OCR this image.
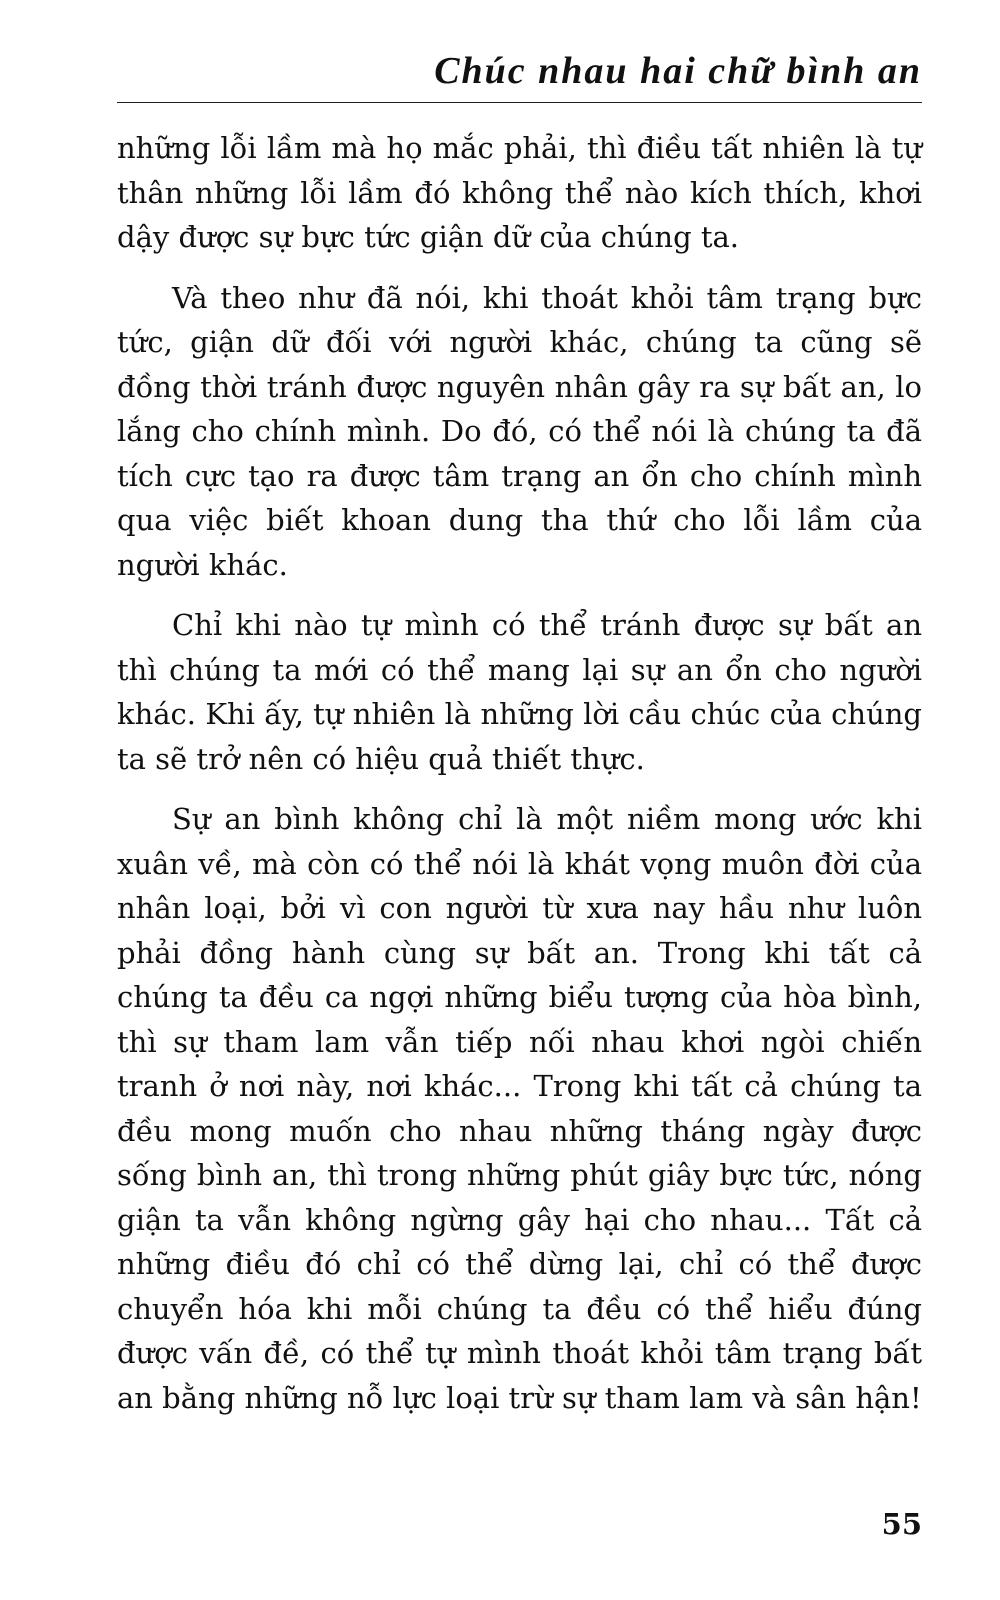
Chúc nhau hai chữ bình an

những lỗi lầm mà họ mắc phải, thì điều tất nhiên là tự thân những lỗi lầm đó không thể nào kích thích, khơi dậy được sự bực tức giận dữ của chúng ta.

Và theo như đã nói, khi thoát khỏi tâm trạng bực tức, giận dữ đối với người khác, chúng ta cũng sẽ đồng thời tránh được nguyên nhân gây ra sự bất an, lo lắng cho chính mình. Do đó, có thể nói là chúng ta đã tích cực tạo ra được tâm trạng an ổn cho chính mình qua việc biết khoan dung tha thứ cho lỗi lầm của người khác.

Chỉ khi nào tự mình có thể tránh được sự bất an thì chúng ta mới có thể mang lại sự an ổn cho người khác. Khi ấy, tự nhiên là những lời cầu chúc của chúng ta sẽ trở nên có hiệu quả thiết thực.

Sự an bình không chỉ là một niềm mong ước khi xuân về, mà còn có thể nói là khát vọng muôn đời của nhân loại, bởi vì con người từ xưa nay hầu như luôn phải đồng hành cùng sự bất an. Trong khi tất cả chúng ta đều ca ngợi những biểu tượng của hòa bình, thì sự tham lam vẫn tiếp nối nhau khơi ngòi chiến tranh ở nơi này, nơi khác... Trong khi tất cả chúng ta đều mong muốn cho nhau những tháng ngày được sống bình an, thì trong những phút giây bực tức, nóng giận ta vẫn không ngừng gây hại cho nhau... Tất cả những điều đó chỉ có thể dừng lại, chỉ có thể được chuyển hóa khi mỗi chúng ta đều có thể hiểu đúng được vấn đề, có thể tự mình thoát khỏi tâm trạng bất an bằng những nỗ lực loại trừ sự tham lam và sân hận!

55
